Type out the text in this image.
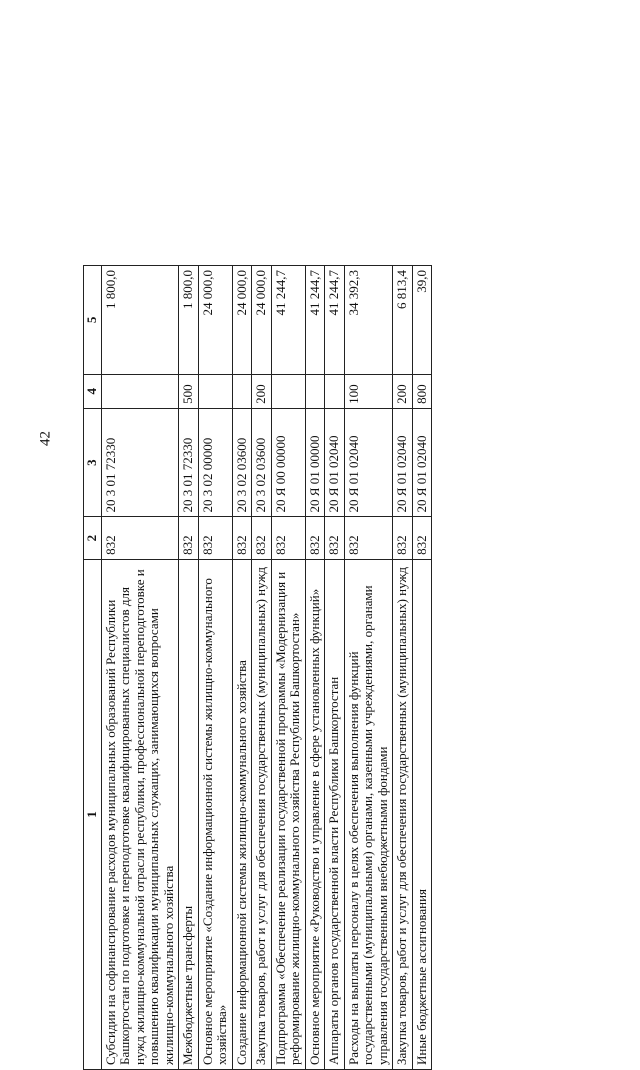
42
1	2	3	4	5
Субсидии на софинансирование расходов муниципальных образований Республики Башкортостан по подготовке и переподготовке квалифицированных специалистов для нужд жилищно-коммунальной отрасли республики, профессиональной переподготовке и повышению квалификации муниципальных служащих, занимающихся вопросами жилищно-коммунального хозяйства	832	20 3 01 72330		1 800,0
Межбюджетные трансферты	832	20 3 01 72330	500	1 800,0
Основное мероприятие «Создание информационной системы жилищно-коммунального хозяйства»	832	20 3 02 00000		24 000,0
Создание информационной системы жилищно-коммунального хозяйства	832	20 3 02 03600		24 000,0
Закупка товаров, работ и услуг для обеспечения государственных (муниципальных) нужд	832	20 3 02 03600	200	24 000,0
Подпрограмма «Обеспечение реализации государственной программы «Модернизация и реформирование жилищно-коммунального хозяйства Республики Башкортостан»	832	20 Я 00 00000		41 244,7
Основное мероприятие «Руководство и управление в сфере установленных функций»	832	20 Я 01 00000		41 244,7
Аппараты органов государственной власти Республики Башкортостан	832	20 Я 01 02040		41 244,7
Расходы на выплаты персоналу в целях обеспечения выполнения функций государственными (муниципальными) органами, казенными учреждениями, органами управления государственными внебюджетными фондами	832	20 Я 01 02040	100	34 392,3
Закупка товаров, работ и услуг для обеспечения государственных (муниципальных) нужд	832	20 Я 01 02040	200	6 813,4
Иные бюджетные ассигнования	832	20 Я 01 02040	800	39,0
